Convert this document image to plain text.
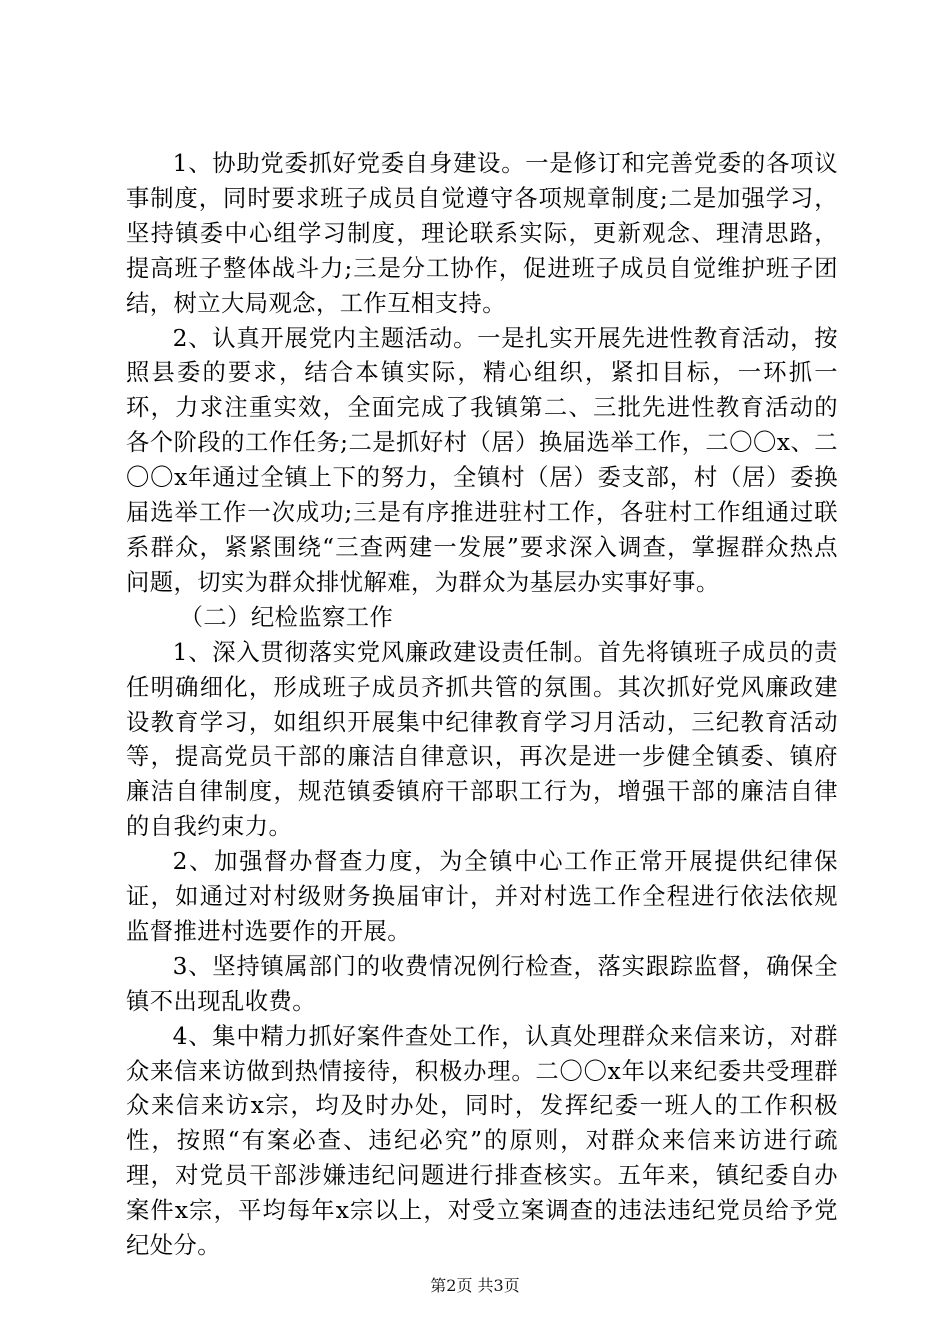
1、协助党委抓好党委自身建设。一是修订和完善党委的各项议事制度，同时要求班子成员自觉遵守各项规章制度;二是加强学习，坚持镇委中心组学习制度，理论联系实际，更新观念、理清思路，提高班子整体战斗力;三是分工协作，促进班子成员自觉维护班子团结，树立大局观念，工作互相支持。

2、认真开展党内主题活动。一是扎实开展先进性教育活动，按照县委的要求，结合本镇实际，精心组织，紧扣目标，一环抓一环，力求注重实效，全面完成了我镇第二、三批先进性教育活动的各个阶段的工作任务;二是抓好村（居）换届选举工作，二〇〇x、二〇〇x年通过全镇上下的努力，全镇村（居）委支部，村（居）委换届选举工作一次成功;三是有序推进驻村工作，各驻村工作组通过联系群众，紧紧围绕“三查两建一发展”要求深入调查，掌握群众热点问题，切实为群众排忧解难，为群众为基层办实事好事。

（二）纪检监察工作

1、深入贯彻落实党风廉政建设责任制。首先将镇班子成员的责任明确细化，形成班子成员齐抓共管的氛围。其次抓好党风廉政建设教育学习，如组织开展集中纪律教育学习月活动，三纪教育活动等，提高党员干部的廉洁自律意识，再次是进一步健全镇委、镇府廉洁自律制度，规范镇委镇府干部职工行为，增强干部的廉洁自律的自我约束力。

2、加强督办督查力度，为全镇中心工作正常开展提供纪律保证，如通过对村级财务换届审计，并对村选工作全程进行依法依规监督推进村选要作的开展。

3、坚持镇属部门的收费情况例行检查，落实跟踪监督，确保全镇不出现乱收费。

4、集中精力抓好案件查处工作，认真处理群众来信来访，对群众来信来访做到热情接待，积极办理。二〇〇x年以来纪委共受理群众来信来访x宗，均及时办处，同时，发挥纪委一班人的工作积极性，按照“有案必查、违纪必究”的原则，对群众来信来访进行疏理，对党员干部涉嫌违纪问题进行排查核实。五年来，镇纪委自办案件x宗，平均每年x宗以上，对受立案调查的违法违纪党员给予党纪处分。

第2页 共3页
